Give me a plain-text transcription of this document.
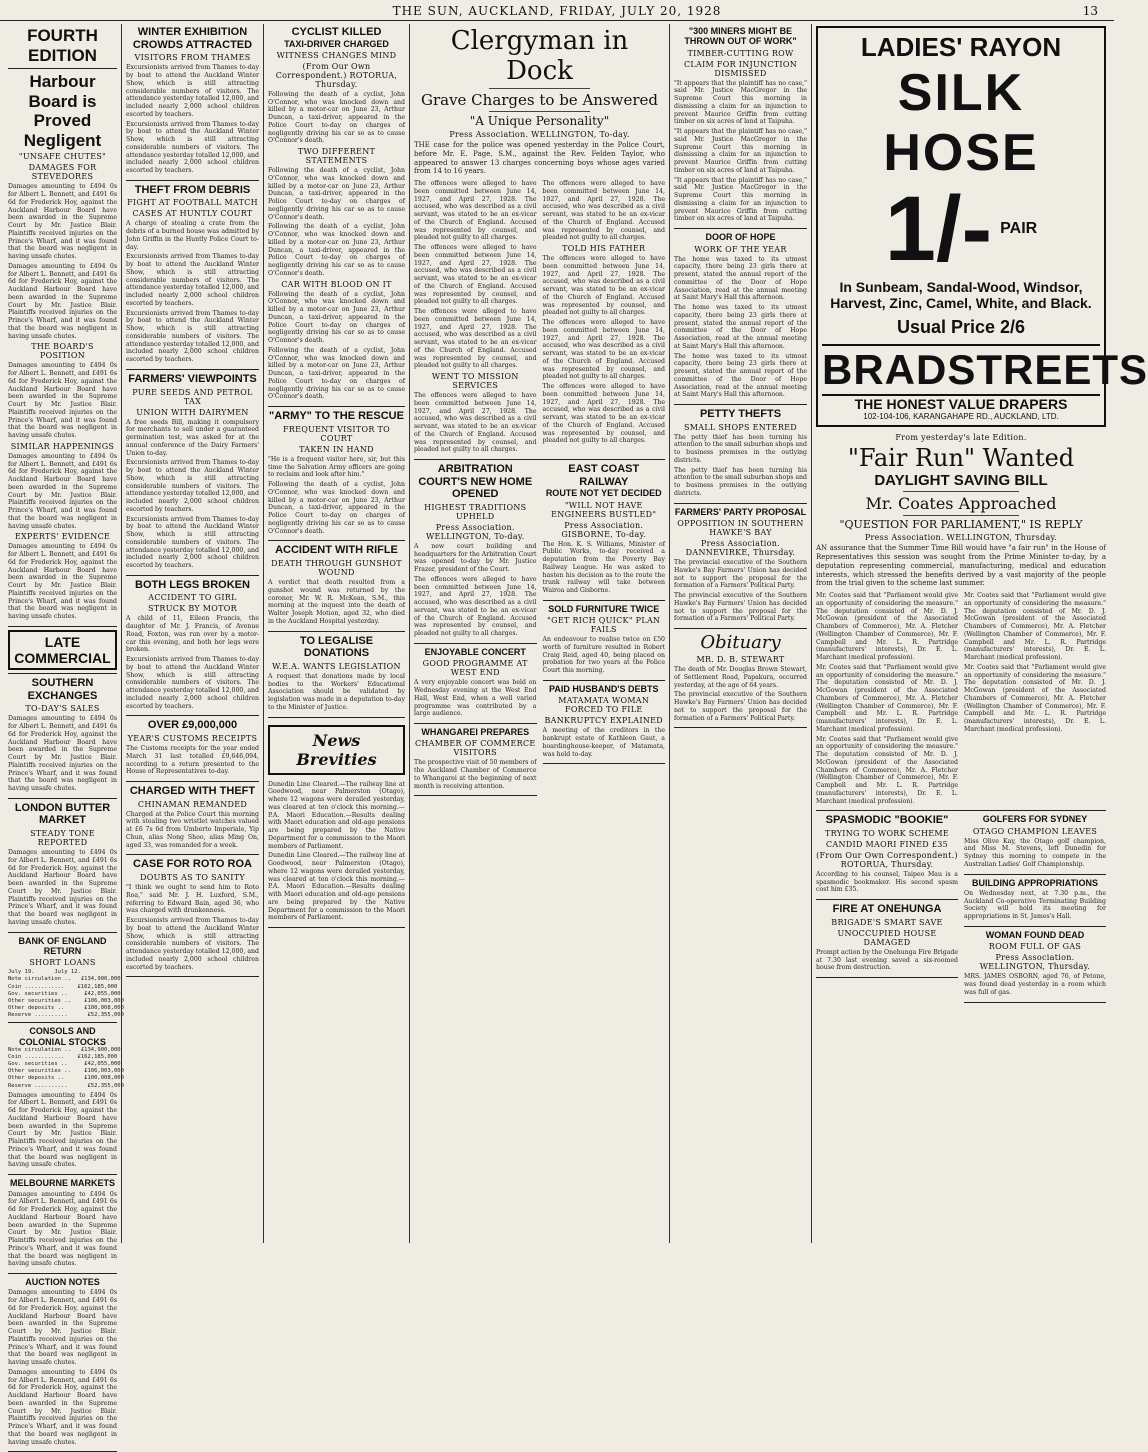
THE SUN, AUCKLAND, FRIDAY, JULY 20, 1928	13
FOURTH EDITION
Harbour Board is Proved Negligent
"UNSAFE CHUTES"
DAMAGES FOR STEVEDORES
Damages amounting to £494 0s for Albert L. Bennett, and £491 6s 6d for Frederick Hoy, against the Auckland Harbour Board have been awarded in the Supreme Court by Mr. Justice Blair. Plaintiffs received injuries on the Prince's Wharf, and it was found that the board was negligent in having unsafe chutes.
Damages amounting to £494 0s for Albert L. Bennett, and £491 6s 6d for Frederick Hoy, against the Auckland Harbour Board have been awarded in the Supreme Court by Mr. Justice Blair. Plaintiffs received injuries on the Prince's Wharf, and it was found that the board was negligent in having unsafe chutes.
THE BOARD'S POSITION
Damages amounting to £494 0s for Albert L. Bennett, and £491 6s 6d for Frederick Hoy, against the Auckland Harbour Board have been awarded in the Supreme Court by Mr. Justice Blair. Plaintiffs received injuries on the Prince's Wharf, and it was found that the board was negligent in having unsafe chutes.
SIMILAR HAPPENINGS
Damages amounting to £494 0s for Albert L. Bennett, and £491 6s 6d for Frederick Hoy, against the Auckland Harbour Board have been awarded in the Supreme Court by Mr. Justice Blair. Plaintiffs received injuries on the Prince's Wharf, and it was found that the board was negligent in having unsafe chutes.
EXPERTS' EVIDENCE
Damages amounting to £494 0s for Albert L. Bennett, and £491 6s 6d for Frederick Hoy, against the Auckland Harbour Board have been awarded in the Supreme Court by Mr. Justice Blair. Plaintiffs received injuries on the Prince's Wharf, and it was found that the board was negligent in having unsafe chutes.
LATE COMMERCIAL
SOUTHERN EXCHANGES
TO-DAY'S SALES
Damages amounting to £494 0s for Albert L. Bennett, and £491 6s 6d for Frederick Hoy, against the Auckland Harbour Board have been awarded in the Supreme Court by Mr. Justice Blair. Plaintiffs received injuries on the Prince's Wharf, and it was found that the board was negligent in having unsafe chutes.
LONDON BUTTER MARKET
STEADY TONE REPORTED
Damages amounting to £494 0s for Albert L. Bennett, and £491 6s 6d for Frederick Hoy, against the Auckland Harbour Board have been awarded in the Supreme Court by Mr. Justice Blair. Plaintiffs received injuries on the Prince's Wharf, and it was found that the board was negligent in having unsafe chutes.
BANK OF ENGLAND RETURN
SHORT LOANS
July 19.      July 12.
Note circulation ..   £134,900,000
Coin ............    £162,185,000
Gov. securities ..     £42,055,000
Other securities ..    £106,003,000
Other deposits ..      £100,008,000
Reserve ..........      £52,355,000
CONSOLS AND COLONIAL STOCKS
Note circulation ..   £134,900,000
Coin ............    £162,185,000
Gov. securities ..     £42,055,000
Other securities ..    £106,003,000
Other deposits ..      £100,008,000
Reserve ..........      £52,355,000
Damages amounting to £494 0s for Albert L. Bennett, and £491 6s 6d for Frederick Hoy, against the Auckland Harbour Board have been awarded in the Supreme Court by Mr. Justice Blair. Plaintiffs received injuries on the Prince's Wharf, and it was found that the board was negligent in having unsafe chutes.
MELBOURNE MARKETS
Damages amounting to £494 0s for Albert L. Bennett, and £491 6s 6d for Frederick Hoy, against the Auckland Harbour Board have been awarded in the Supreme Court by Mr. Justice Blair. Plaintiffs received injuries on the Prince's Wharf, and it was found that the board was negligent in having unsafe chutes.
AUCTION NOTES
Damages amounting to £494 0s for Albert L. Bennett, and £491 6s 6d for Frederick Hoy, against the Auckland Harbour Board have been awarded in the Supreme Court by Mr. Justice Blair. Plaintiffs received injuries on the Prince's Wharf, and it was found that the board was negligent in having unsafe chutes.
Damages amounting to £494 0s for Albert L. Bennett, and £491 6s 6d for Frederick Hoy, against the Auckland Harbour Board have been awarded in the Supreme Court by Mr. Justice Blair. Plaintiffs received injuries on the Prince's Wharf, and it was found that the board was negligent in having unsafe chutes.
WINTER EXHIBITION
CROWDS ATTRACTED
VISITORS FROM THAMES
Excursionists arrived from Thames to-day by boat to attend the Auckland Winter Show, which is still attracting considerable numbers of visitors. The attendance yesterday totalled 12,000, and included nearly 2,000 school children escorted by teachers.
Excursionists arrived from Thames to-day by boat to attend the Auckland Winter Show, which is still attracting considerable numbers of visitors. The attendance yesterday totalled 12,000, and included nearly 2,000 school children escorted by teachers.
THEFT FROM DEBRIS
FIGHT AT FOOTBALL MATCH
CASES AT HUNTLY COURT
A charge of stealing a crate from the debris of a burned house was admitted by John Griffin in the Huntly Police Court to-day.
Excursionists arrived from Thames to-day by boat to attend the Auckland Winter Show, which is still attracting considerable numbers of visitors. The attendance yesterday totalled 12,000, and included nearly 2,000 school children escorted by teachers.
Excursionists arrived from Thames to-day by boat to attend the Auckland Winter Show, which is still attracting considerable numbers of visitors. The attendance yesterday totalled 12,000, and included nearly 2,000 school children escorted by teachers.
FARMERS' VIEWPOINTS
PURE SEEDS AND PETROL TAX
UNION WITH DAIRYMEN
A free seeds Bill, making it compulsory for merchants to sell under a guaranteed germination test, was asked for at the annual conference of the Dairy Farmers' Union to-day.
Excursionists arrived from Thames to-day by boat to attend the Auckland Winter Show, which is still attracting considerable numbers of visitors. The attendance yesterday totalled 12,000, and included nearly 2,000 school children escorted by teachers.
Excursionists arrived from Thames to-day by boat to attend the Auckland Winter Show, which is still attracting considerable numbers of visitors. The attendance yesterday totalled 12,000, and included nearly 2,000 school children escorted by teachers.
BOTH LEGS BROKEN
ACCIDENT TO GIRL
STRUCK BY MOTOR
A child of 11, Eileen Francis, the daughter of Mr. J. Francis, of Avenue Road, Foxton, was run over by a motor-car this evening, and both her legs were broken.
Excursionists arrived from Thames to-day by boat to attend the Auckland Winter Show, which is still attracting considerable numbers of visitors. The attendance yesterday totalled 12,000, and included nearly 2,000 school children escorted by teachers.
OVER £9,000,000
YEAR'S CUSTOMS RECEIPTS
The Customs receipts for the year ended March 31 last totalled £9,646,094, according to a return presented to the House of Representatives to-day.
CHARGED WITH THEFT
CHINAMAN REMANDED
Charged at the Police Court this morning with stealing two wristlet watches valued at £6 7s 6d from Umberto Imperiale, Yip Chun, alias Nong Shoo, alias Ming On, aged 33, was remanded for a week.
CASE FOR ROTO ROA
DOUBTS AS TO SANITY
"I think we ought to send him to Roto Roa," said Mr. J. H. Luxford, S.M., referring to Edward Bain, aged 36, who was charged with drunkenness.
Excursionists arrived from Thames to-day by boat to attend the Auckland Winter Show, which is still attracting considerable numbers of visitors. The attendance yesterday totalled 12,000, and included nearly 2,000 school children escorted by teachers.
CYCLIST KILLED
TAXI-DRIVER CHARGED
WITNESS CHANGES MIND
(From Our Own Correspondent.) ROTORUA, Thursday.
Following the death of a cyclist, John O'Connor, who was knocked down and killed by a motor-car on June 23, Arthur Duncan, a taxi-driver, appeared in the Police Court to-day on charges of negligently driving his car so as to cause O'Connor's death.
TWO DIFFERENT STATEMENTS
Following the death of a cyclist, John O'Connor, who was knocked down and killed by a motor-car on June 23, Arthur Duncan, a taxi-driver, appeared in the Police Court to-day on charges of negligently driving his car so as to cause O'Connor's death.
Following the death of a cyclist, John O'Connor, who was knocked down and killed by a motor-car on June 23, Arthur Duncan, a taxi-driver, appeared in the Police Court to-day on charges of negligently driving his car so as to cause O'Connor's death.
CAR WITH BLOOD ON IT
Following the death of a cyclist, John O'Connor, who was knocked down and killed by a motor-car on June 23, Arthur Duncan, a taxi-driver, appeared in the Police Court to-day on charges of negligently driving his car so as to cause O'Connor's death.
Following the death of a cyclist, John O'Connor, who was knocked down and killed by a motor-car on June 23, Arthur Duncan, a taxi-driver, appeared in the Police Court to-day on charges of negligently driving his car so as to cause O'Connor's death.
"ARMY" TO THE RESCUE
FREQUENT VISITOR TO COURT
TAKEN IN HAND
"He is a frequent visitor here, sir, but this time the Salvation Army officers are going to reclaim and look after him."
Following the death of a cyclist, John O'Connor, who was knocked down and killed by a motor-car on June 23, Arthur Duncan, a taxi-driver, appeared in the Police Court to-day on charges of negligently driving his car so as to cause O'Connor's death.
ACCIDENT WITH RIFLE
DEATH THROUGH GUNSHOT WOUND
A verdict that death resulted from a gunshot wound was returned by the coroner, Mr. W. R. McKean, S.M., this morning at the inquest into the death of Walter Joseph Motion, aged 32, who died in the Auckland Hospital yesterday.
TO LEGALISE DONATIONS
W.E.A. WANTS LEGISLATION
A request that donations made by local bodies to the Workers' Educational Association should be validated by legislation was made in a deputation to-day to the Minister of Justice.
News Brevities
Dunedin Line Cleared.—The railway line at Goodwood, near Palmerston (Otago), where 12 wagons were derailed yesterday, was cleared at ten o'clock this morning.—P.A. Maori Education.—Results dealing with Maori education and old-age pensions are being prepared by the Native Department for a commission to the Maori members of Parliament.
Dunedin Line Cleared.—The railway line at Goodwood, near Palmerston (Otago), where 12 wagons were derailed yesterday, was cleared at ten o'clock this morning.—P.A. Maori Education.—Results dealing with Maori education and old-age pensions are being prepared by the Native Department for a commission to the Maori members of Parliament.
Clergyman in Dock
Grave Charges to be Answered
"A Unique Personality"
Press Association. WELLINGTON, To-day.
THE case for the police was opened yesterday in the Police Court, before Mr. E. Page, S.M., against the Rev. Felden Taylor, who appeared to answer 13 charges concerning boys whose ages varied from 14 to 16 years.
The offences were alleged to have been committed between June 14, 1927, and April 27, 1928. The accused, who was described as a civil servant, was stated to be an ex-vicar of the Church of England. Accused was represented by counsel, and pleaded not guilty to all charges.
The offences were alleged to have been committed between June 14, 1927, and April 27, 1928. The accused, who was described as a civil servant, was stated to be an ex-vicar of the Church of England. Accused was represented by counsel, and pleaded not guilty to all charges.
The offences were alleged to have been committed between June 14, 1927, and April 27, 1928. The accused, who was described as a civil servant, was stated to be an ex-vicar of the Church of England. Accused was represented by counsel, and pleaded not guilty to all charges.
WENT TO MISSION SERVICES
The offences were alleged to have been committed between June 14, 1927, and April 27, 1928. The accused, who was described as a civil servant, was stated to be an ex-vicar of the Church of England. Accused was represented by counsel, and pleaded not guilty to all charges.
The offences were alleged to have been committed between June 14, 1927, and April 27, 1928. The accused, who was described as a civil servant, was stated to be an ex-vicar of the Church of England. Accused was represented by counsel, and pleaded not guilty to all charges.
TOLD HIS FATHER
The offences were alleged to have been committed between June 14, 1927, and April 27, 1928. The accused, who was described as a civil servant, was stated to be an ex-vicar of the Church of England. Accused was represented by counsel, and pleaded not guilty to all charges.
The offences were alleged to have been committed between June 14, 1927, and April 27, 1928. The accused, who was described as a civil servant, was stated to be an ex-vicar of the Church of England. Accused was represented by counsel, and pleaded not guilty to all charges.
The offences were alleged to have been committed between June 14, 1927, and April 27, 1928. The accused, who was described as a civil servant, was stated to be an ex-vicar of the Church of England. Accused was represented by counsel, and pleaded not guilty to all charges.
ARBITRATION COURT'S NEW HOME OPENED
HIGHEST TRADITIONS UPHELD
Press Association. WELLINGTON, To-day.
A new court building and headquarters for the Arbitration Court was opened to-day by Mr. Justice Frazer, president of the Court.
The offences were alleged to have been committed between June 14, 1927, and April 27, 1928. The accused, who was described as a civil servant, was stated to be an ex-vicar of the Church of England. Accused was represented by counsel, and pleaded not guilty to all charges.
ENJOYABLE CONCERT
GOOD PROGRAMME AT WEST END
A very enjoyable concert was held on Wednesday evening at the West End Hall, West End, when a well varied programme was contributed by a large audience.
WHANGAREI PREPARES
CHAMBER OF COMMERCE VISITORS
The prospective visit of 50 members of the Auckland Chamber of Commerce to Whangarei at the beginning of next month is receiving attention.
EAST COAST RAILWAY
ROUTE NOT YET DECIDED
"WILL NOT HAVE ENGINEERS BUSTLED"
Press Association. GISBORNE, To-day.
The Hon. K. S. Williams, Minister of Public Works, to-day received a deputation from the Poverty Bay Railway League. He was asked to hasten his decision as to the route the trunk railway will take between Wairoa and Gisborne.
SOLD FURNITURE TWICE
"GET RICH QUICK" PLAN FAILS
An endeavour to realise twice on £50 worth of furniture resulted in Robert Craig Reid, aged 40, being placed on probation for two years at the Police Court this morning.
PAID HUSBAND'S DEBTS
MATAMATA WOMAN FORCED TO FILE
BANKRUPTCY EXPLAINED
A meeting of the creditors in the bankrupt estate of Kathleen Gaut, a boardinghouse-keeper, of Matamata, was held to-day.
"300 MINERS MIGHT BE THROWN OUT OF WORK"
TIMBER-CUTTING ROW
CLAIM FOR INJUNCTION DISMISSED
"It appears that the plaintiff has no case," said Mr. Justice MacGregor in the Supreme Court this morning in dismissing a claim for an injunction to prevent Maurice Griffin from cutting timber on six acres of land at Taipuha.
"It appears that the plaintiff has no case," said Mr. Justice MacGregor in the Supreme Court this morning in dismissing a claim for an injunction to prevent Maurice Griffin from cutting timber on six acres of land at Taipuha.
"It appears that the plaintiff has no case," said Mr. Justice MacGregor in the Supreme Court this morning in dismissing a claim for an injunction to prevent Maurice Griffin from cutting timber on six acres of land at Taipuha.
DOOR OF HOPE
WORK OF THE YEAR
The home was taxed to its utmost capacity, there being 23 girls there at present, stated the annual report of the committee of the Door of Hope Association, read at the annual meeting at Saint Mary's Hall this afternoon.
The home was taxed to its utmost capacity, there being 23 girls there at present, stated the annual report of the committee of the Door of Hope Association, read at the annual meeting at Saint Mary's Hall this afternoon.
The home was taxed to its utmost capacity, there being 23 girls there at present, stated the annual report of the committee of the Door of Hope Association, read at the annual meeting at Saint Mary's Hall this afternoon.
PETTY THEFTS
SMALL SHOPS ENTERED
The petty thief has been turning his attention to the small suburban shops and to business premises in the outlying districts.
The petty thief has been turning his attention to the small suburban shops and to business premises in the outlying districts.
FARMERS' PARTY PROPOSAL
OPPOSITION IN SOUTHERN HAWKE'S BAY
Press Association. DANNEVIRKE, Thursday.
The provincial executive of the Southern Hawke's Bay Farmers' Union has decided not to support the proposal for the formation of a Farmers' Political Party.
The provincial executive of the Southern Hawke's Bay Farmers' Union has decided not to support the proposal for the formation of a Farmers' Political Party.
Obituary
MR. D. B. STEWART
The death of Mr. Douglas Brown Stewart, of Settlement Road, Papakura, occurred yesterday, at the age of 64 years.
The provincial executive of the Southern Hawke's Bay Farmers' Union has decided not to support the proposal for the formation of a Farmers' Political Party.
LADIES' RAYON
SILK HOSE
1/- PAIR
In Sunbeam, Sandal-Wood, Windsor, Harvest, Zinc, Camel, White, and Black.
Usual Price 2/6
BRADSTREETS
THE HONEST VALUE DRAPERS
102-104-106, KARANGAHAPE RD., AUCKLAND, LTD.
From yesterday's late Edition.
"Fair Run" Wanted
DAYLIGHT SAVING BILL
Mr. Coates Approached
"QUESTION FOR PARLIAMENT," IS REPLY
Press Association. WELLINGTON, Thursday.
AN assurance that the Summer Time Bill would have "a fair run" in the House of Representatives this session was sought from the Prime Minister to-day, by a deputation representing commercial, manufacturing, medical and education interests, which stressed the benefits derived by a vast majority of the people from the trial given to the scheme last summer.
Mr. Coates said that "Parliament would give an opportunity of considering the measure." The deputation consisted of Mr. D. J. McGowan (president of the Associated Chambers of Commerce), Mr. A. Fletcher (Wellington Chamber of Commerce), Mr. F. Campbell and Mr. L. R. Partridge (manufacturers' interests), Dr. E. L. Marchant (medical profession).
Mr. Coates said that "Parliament would give an opportunity of considering the measure." The deputation consisted of Mr. D. J. McGowan (president of the Associated Chambers of Commerce), Mr. A. Fletcher (Wellington Chamber of Commerce), Mr. F. Campbell and Mr. L. R. Partridge (manufacturers' interests), Dr. E. L. Marchant (medical profession).
Mr. Coates said that "Parliament would give an opportunity of considering the measure." The deputation consisted of Mr. D. J. McGowan (president of the Associated Chambers of Commerce), Mr. A. Fletcher (Wellington Chamber of Commerce), Mr. F. Campbell and Mr. L. R. Partridge (manufacturers' interests), Dr. E. L. Marchant (medical profession).
Mr. Coates said that "Parliament would give an opportunity of considering the measure." The deputation consisted of Mr. D. J. McGowan (president of the Associated Chambers of Commerce), Mr. A. Fletcher (Wellington Chamber of Commerce), Mr. F. Campbell and Mr. L. R. Partridge (manufacturers' interests), Dr. E. L. Marchant (medical profession).
Mr. Coates said that "Parliament would give an opportunity of considering the measure." The deputation consisted of Mr. D. J. McGowan (president of the Associated Chambers of Commerce), Mr. A. Fletcher (Wellington Chamber of Commerce), Mr. F. Campbell and Mr. L. R. Partridge (manufacturers' interests), Dr. E. L. Marchant (medical profession).
SPASMODIC "BOOKIE"
TRYING TO WORK SCHEME
CANDID MAORI FINED £35
(From Our Own Correspondent.) ROTORUA, Thursday.
According to his counsel, Taipeo Mau is a spasmodic bookmaker. His second spasm cost him £35.
FIRE AT ONEHUNGA
BRIGADE'S SMART SAVE
UNOCCUPIED HOUSE DAMAGED
Prompt action by the Onehunga Fire Brigade at 7.30 last evening saved a six-roomed house from destruction.
GOLFERS FOR SYDNEY
OTAGO CHAMPION LEAVES
Miss Olive Kay, the Otago golf champion, and Miss M. Stevens, left Dunedin for Sydney this morning to compete in the Australian Ladies' Golf Championship.
BUILDING APPROPRIATIONS
On Wednesday next, at 7.30 p.m., the Auckland Co-operative Terminating Building Society will hold its meeting for appropriations in St. James's Hall.
WOMAN FOUND DEAD
ROOM FULL OF GAS
Press Association. WELLINGTON, Thursday.
MRS. JAMES OSBORN, aged 76, of Petone, was found dead yesterday in a room which was full of gas.
